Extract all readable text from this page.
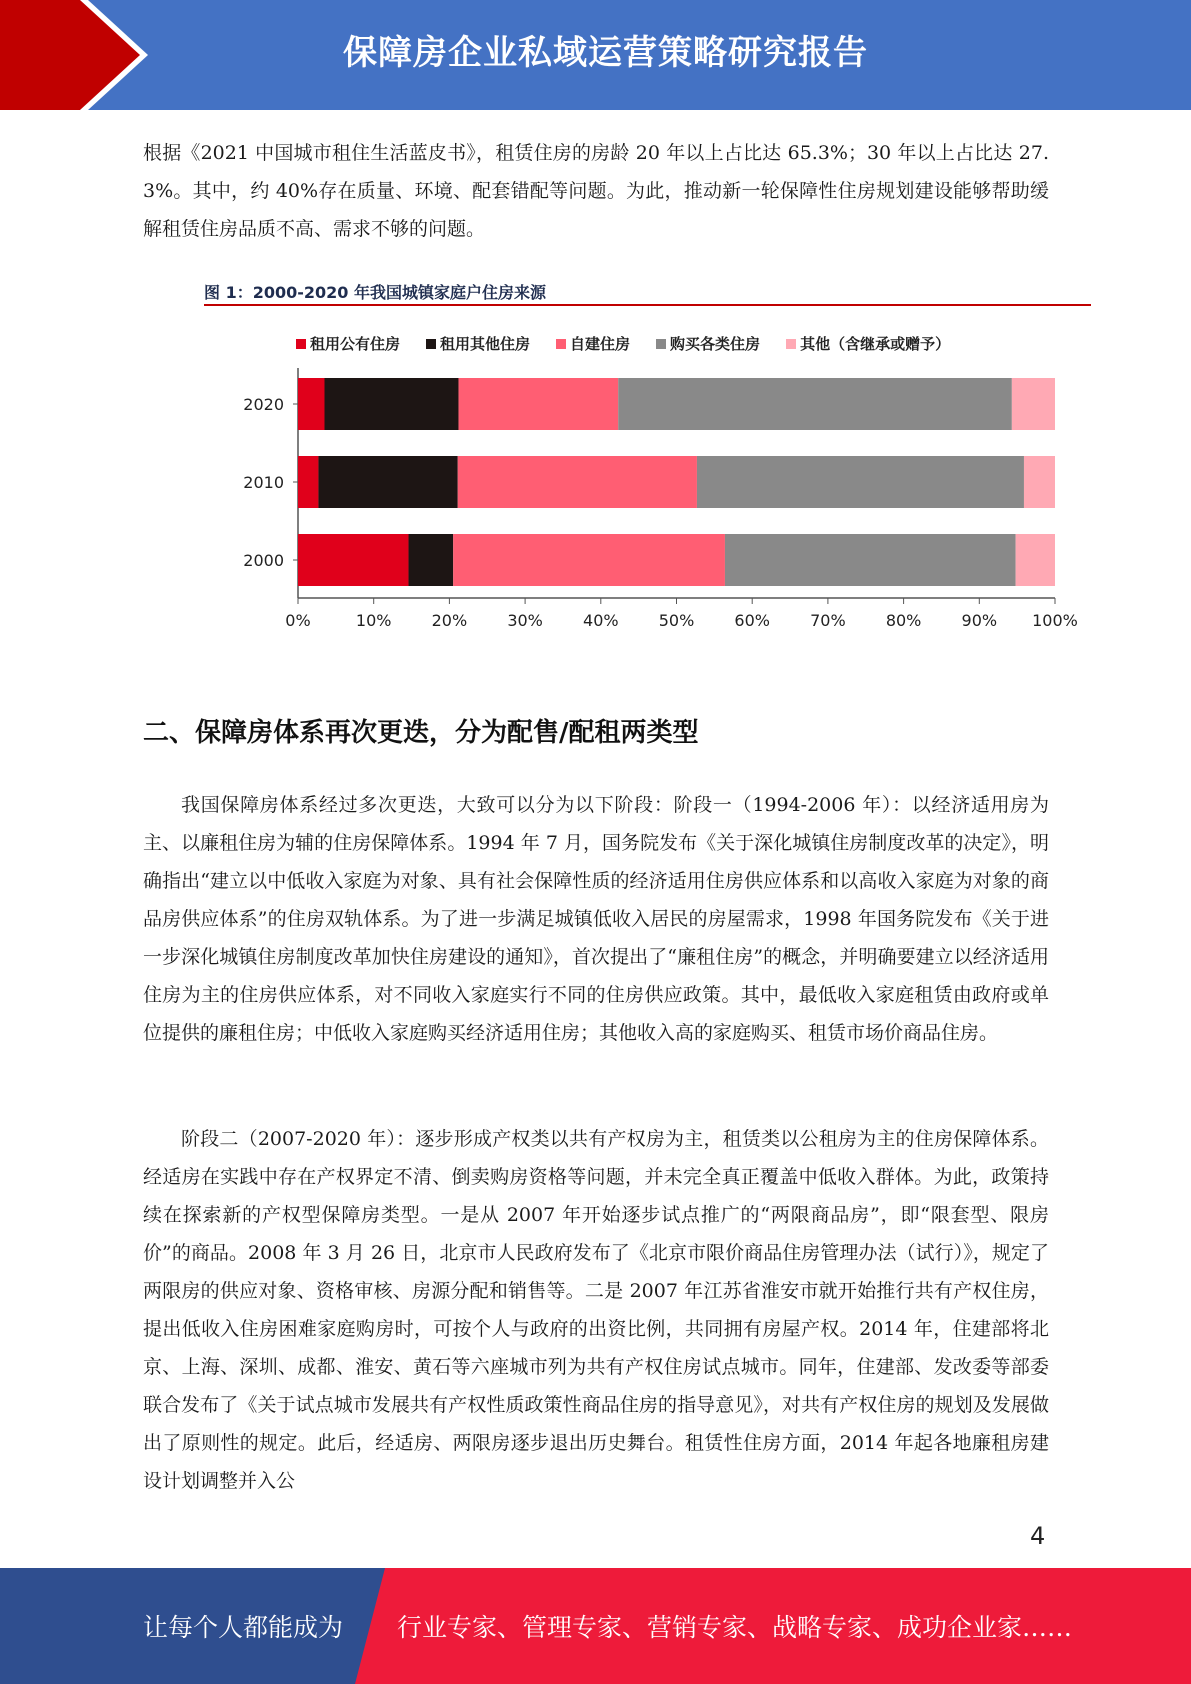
保障房企业私域运营策略研究报告

根据《2021 中国城市租住生活蓝皮书》，租赁住房的房龄 20 年以上占比达 65.3%；30 年以上占比达 27.3%。其中，约 40%存在质量、环境、配套错配等问题。为此，推动新一轮保障性住房规划建设能够帮助缓解租赁住房品质不高、需求不够的问题。

图 1：2000-2020 年我国城镇家庭户住房来源
租用公有住房	租用其他住房	自建住房	购买各类住房	其他（含继承或赠予）
2020
2010
2000
0%	10%	20%	30%	40%	50%	60%	70%	80%	90% 100%
二、保障房体系再次更迭，分为配售/配租两类型

我国保障房体系经过多次更迭，大致可以分为以下阶段：阶段一（1994-2006 年）：以经济适用房为主、以廉租住房为辅的住房保障体系。1994 年 7 月，国务院发布《关于深化城镇住房制度改革的决定》，明确指出“建立以中低收入家庭为对象、具有社会保障性质的经济适用住房供应体系和以高收入家庭为对象的商品房供应体系”的住房双轨体系。为了进一步满足城镇低收入居民的房屋需求，1998 年国务院发布《关于进一步深化城镇住房制度改革加快住房建设的通知》，首次提出了“廉租住房”的概念，并明确要建立以经济适用住房为主的住房供应体系，对不同收入家庭实行不同的住房供应政策。其中，最低收入家庭租赁由政府或单位提供的廉租住房；中低收入家庭购买经济适用住房；其他收入高的家庭购买、租赁市场价商品住房。

阶段二（2007-2020 年）：逐步形成产权类以共有产权房为主，租赁类以公租房为主的住房保障体系。经适房在实践中存在产权界定不清、倒卖购房资格等问题，并未完全真正覆盖中低收入群体。为此，政策持续在探索新的产权型保障房类型。一是从 2007 年开始逐步试点推广的“两限商品房”，即“限套型、限房价”的商品。2008 年 3 月 26 日，北京市人民政府发布了《北京市限价商品住房管理办法（试行）》，规定了两限房的供应对象、资格审核、房源分配和销售等。二是 2007 年江苏省淮安市就开始推行共有产权住房，提出低收入住房困难家庭购房时，可按个人与政府的出资比例，共同拥有房屋产权。2014 年，住建部将北京、上海、深圳、成都、淮安、黄石等六座城市列为共有产权住房试点城市。同年，住建部、发改委等部委联合发布了《关于试点城市发展共有产权性质政策性商品住房的指导意见》，对共有产权住房的规划及发展做出了原则性的规定。此后，经适房、两限房逐步退出历史舞台。租赁性住房方面，2014 年起各地廉租房建设计划调整并入公

4
让每个人都能成为 行业专家、管理专家、营销专家、战略专家、成功企业家……
